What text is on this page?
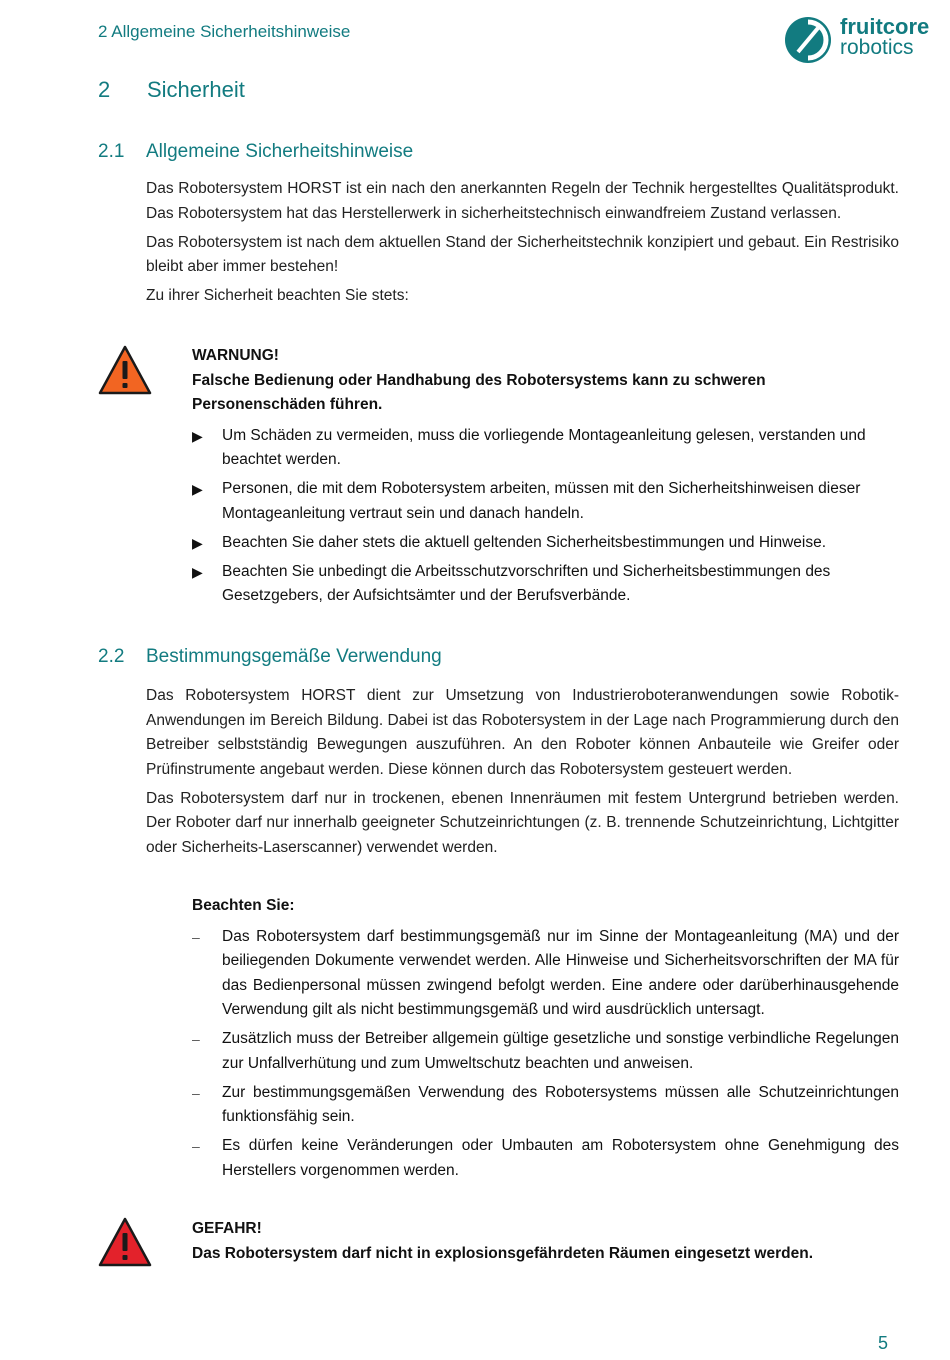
2 Allgemeine Sicherheitshinweise	fruitcore
robotics
2 Sicherheit
2.1 Allgemeine Sicherheitshinweise

Das Robotersystem HORST ist ein nach den anerkannten Regeln der Technik hergestelltes Qualitätsprodukt. Das Robotersystem hat das Herstellerwerk in sicherheitstechnisch einwandfreiem Zustand verlassen.

Das Robotersystem ist nach dem aktuellen Stand der Sicherheitstechnik konzipiert und gebaut. Ein Restrisiko bleibt aber immer bestehen!

Zu ihrer Sicherheit beachten Sie stets:

WARNUNG!

Falsche Bedienung oder Handhabung des Robotersystems kann zu schweren Personenschäden führen.

▶ Um Schäden zu vermeiden, muss die vorliegende Montageanleitung gelesen, verstanden und beachtet werden.
▶ Personen, die mit dem Robotersystem arbeiten, müssen mit den Sicherheitshinweisen dieser Montageanleitung vertraut sein und danach handeln.
▶ Beachten Sie daher stets die aktuell geltenden Sicherheitsbestimmungen und Hinweise.
▶ Beachten Sie unbedingt die Arbeitsschutzvorschriften und Sicherheitsbestimmungen des Gesetzgebers, der Aufsichtsämter und der Berufsverbände.
2.2 Bestimmungsgemäße Verwendung

Das Robotersystem HORST dient zur Umsetzung von Industrieroboteranwendungen sowie Robotik-Anwendungen im Bereich Bildung. Dabei ist das Robotersystem in der Lage nach Programmierung durch den Betreiber selbstständig Bewegungen auszuführen. An den Roboter können Anbauteile wie Greifer oder Prüfinstrumente angebaut werden. Diese können durch das Robotersystem gesteuert werden.

Das Robotersystem darf nur in trockenen, ebenen Innenräumen mit festem Untergrund betrieben werden. Der Roboter darf nur innerhalb geeigneter Schutzeinrichtungen (z. B. trennende Schutzeinrichtung, Lichtgitter oder Sicherheits-Laserscanner) verwendet werden.

Beachten Sie:

– Das Robotersystem darf bestimmungsgemäß nur im Sinne der Montageanleitung (MA) und der beiliegenden Dokumente verwendet werden. Alle Hinweise und Sicherheitsvorschriften der MA für das Bedienpersonal müssen zwingend befolgt werden. Eine andere oder darüberhinausgehende Verwendung gilt als nicht bestimmungsgemäß und wird ausdrücklich untersagt.
– Zusätzlich muss der Betreiber allgemein gültige gesetzliche und sonstige verbindliche Regelungen zur Unfallverhütung und zum Umweltschutz beachten und anweisen.
– Zur bestimmungsgemäßen Verwendung des Robotersystems müssen alle Schutzeinrichtungen funktionsfähig sein.
– Es dürfen keine Veränderungen oder Umbauten am Robotersystem ohne Genehmigung des Herstellers vorgenommen werden.

GEFAHR!

Das Robotersystem darf nicht in explosionsgefährdeten Räumen eingesetzt werden.

5
